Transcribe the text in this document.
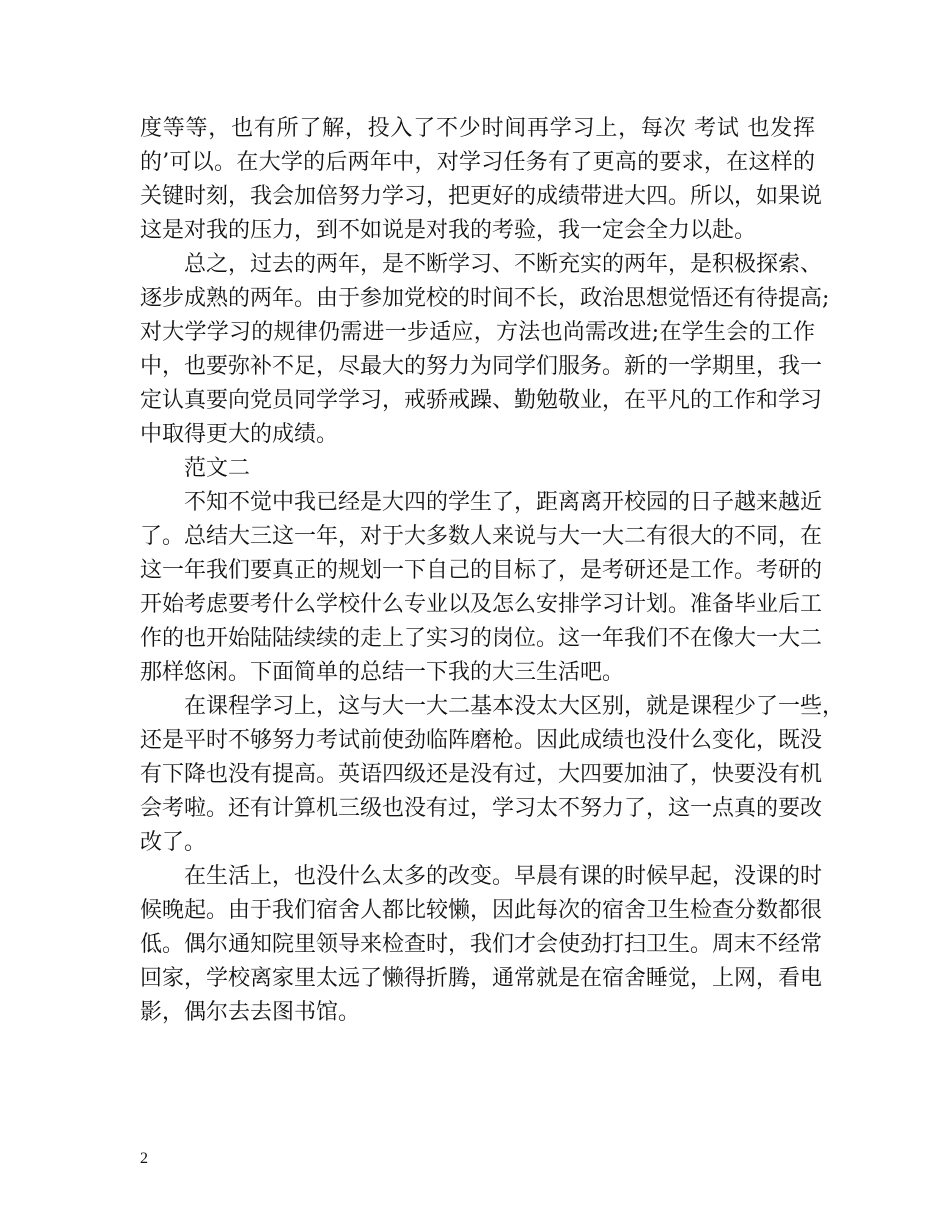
度等等，也有所了解，投入了不少时间再学习上，每次 考试 也发挥
的’可以。在大学的后两年中，对学习任务有了更高的要求，在这样的
关键时刻，我会加倍努力学习，把更好的成绩带进大四。所以，如果说
这是对我的压力，到不如说是对我的考验，我一定会全力以赴。
总之，过去的两年，是不断学习、不断充实的两年，是积极探索、
逐步成熟的两年。由于参加党校的时间不长，政治思想觉悟还有待提高;
对大学学习的规律仍需进一步适应，方法也尚需改进;在学生会的工作
中，也要弥补不足，尽最大的努力为同学们服务。新的一学期里，我一
定认真要向党员同学学习，戒骄戒躁、勤勉敬业，在平凡的工作和学习
中取得更大的成绩。
范文二
不知不觉中我已经是大四的学生了，距离离开校园的日子越来越近
了。总结大三这一年，对于大多数人来说与大一大二有很大的不同，在
这一年我们要真正的规划一下自己的目标了，是考研还是工作。考研的
开始考虑要考什么学校什么专业以及怎么安排学习计划。准备毕业后工
作的也开始陆陆续续的走上了实习的岗位。这一年我们不在像大一大二
那样悠闲。下面简单的总结一下我的大三生活吧。
在课程学习上，这与大一大二基本没太大区别，就是课程少了一些，
还是平时不够努力考试前使劲临阵磨枪。因此成绩也没什么变化，既没
有下降也没有提高。英语四级还是没有过，大四要加油了，快要没有机
会考啦。还有计算机三级也没有过，学习太不努力了，这一点真的要改
改了。
在生活上，也没什么太多的改变。早晨有课的时候早起，没课的时
候晚起。由于我们宿舍人都比较懒，因此每次的宿舍卫生检查分数都很
低。偶尔通知院里领导来检查时，我们才会使劲打扫卫生。周末不经常
回家，学校离家里太远了懒得折腾，通常就是在宿舍睡觉，上网，看电
影，偶尔去去图书馆。
2
